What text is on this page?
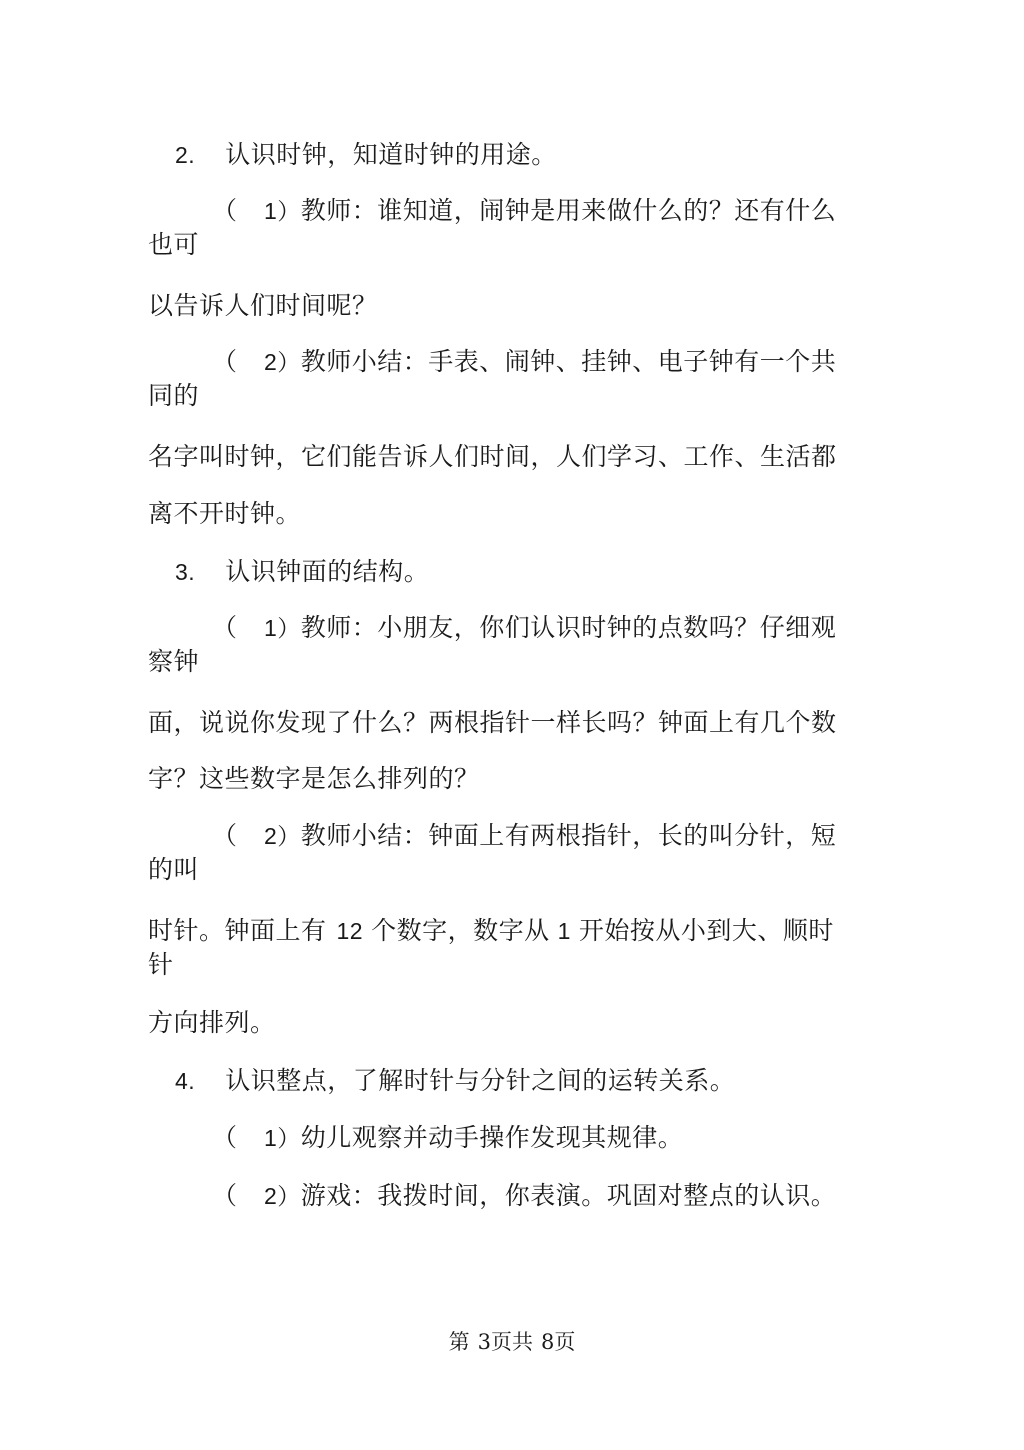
2. 认识时钟，知道时钟的用途。
（ 1）教师：谁知道，闹钟是用来做什么的？还有什么
也可
以告诉人们时间呢？
（ 2）教师小结：手表、闹钟、挂钟、电子钟有一个共
同的
名字叫时钟，它们能告诉人们时间，人们学习、工作、生活都
离不开时钟。
3. 认识钟面的结构。
（ 1）教师：小朋友，你们认识时钟的点数吗？仔细观
察钟
面，说说你发现了什么？两根指针一样长吗？钟面上有几个数
字？这些数字是怎么排列的？
（ 2）教师小结：钟面上有两根指针，长的叫分针，短
的叫
时针。钟面上有 12 个数字，数字从 1 开始按从小到大、顺时
针
方向排列。
4. 认识整点，了解时针与分针之间的运转关系。
（ 1）幼儿观察并动手操作发现其规律。
（ 2）游戏：我拨时间，你表演。巩固对整点的认识。
第 3页共 8页
